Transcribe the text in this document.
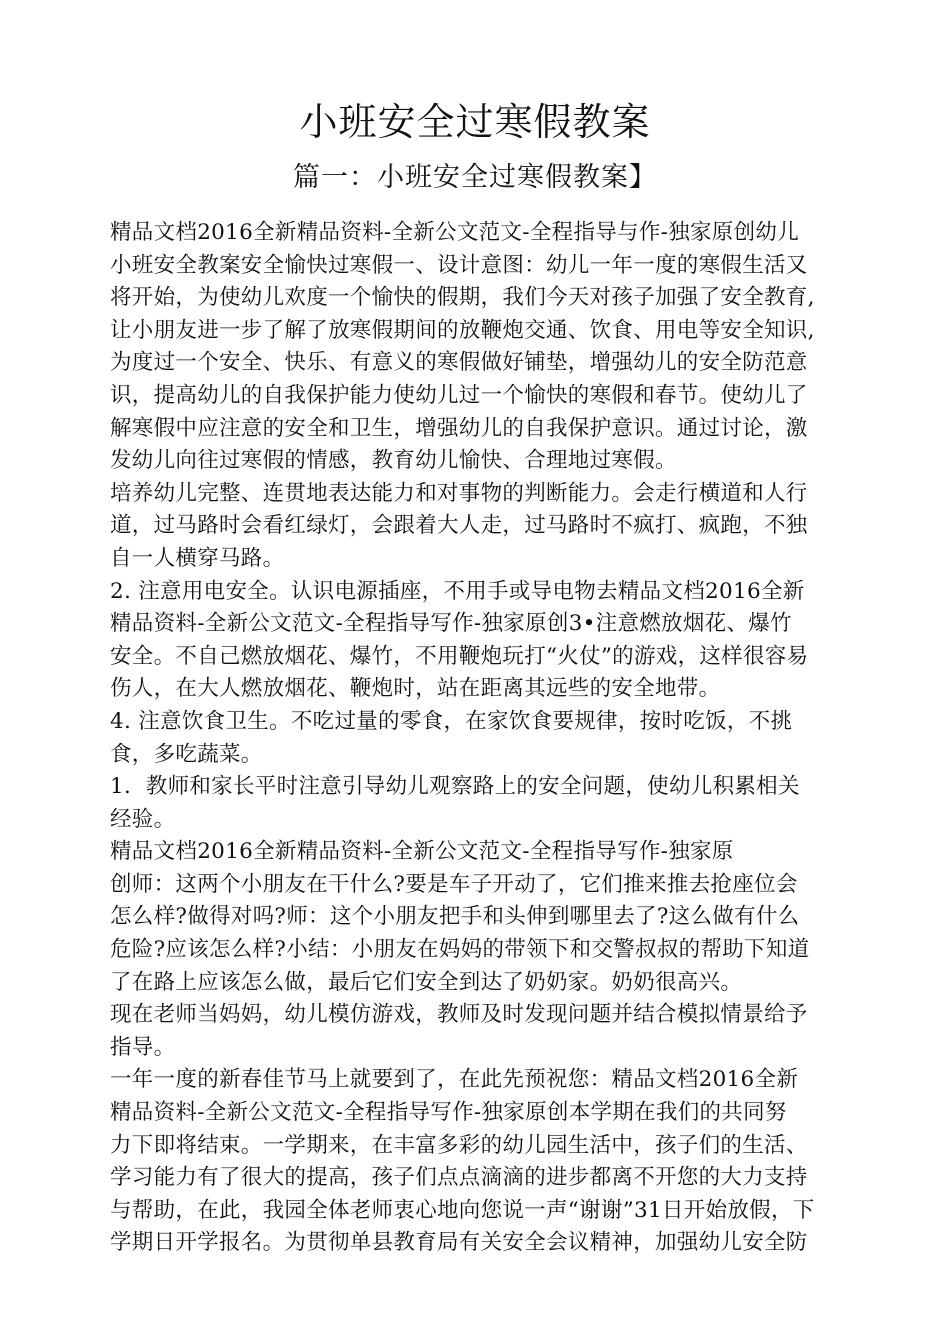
小班安全过寒假教案
篇一：小班安全过寒假教案】
精品文档2016全新精品资料-全新公文范文-全程指导与作-独家原创幼儿
小班安全教案安全愉快过寒假一、设计意图：幼儿一年一度的寒假生活又
将开始，为使幼儿欢度一个愉快的假期，我们今天对孩子加强了安全教育,
让小朋友进一步了解了放寒假期间的放鞭炮交通、饮食、用电等安全知识,
为度过一个安全、快乐、有意义的寒假做好铺垫，增强幼儿的安全防范意
识，提高幼儿的自我保护能力使幼儿过一个愉快的寒假和春节。使幼儿了
解寒假中应注意的安全和卫生，增强幼儿的自我保护意识。通过讨论，激
发幼儿向往过寒假的情感，教育幼儿愉快、合理地过寒假。
培养幼儿完整、连贯地表达能力和对事物的判断能力。会走行横道和人行
道，过马路时会看红绿灯，会跟着大人走，过马路时不疯打、疯跑，不独
自一人横穿马路。
2. 注意用电安全。认识电源插座，不用手或导电物去精品文档2016全新
精品资料-全新公文范文-全程指导写作-独家原创3•注意燃放烟花、爆竹
安全。不自己燃放烟花、爆竹，不用鞭炮玩打“火仗”的游戏，这样很容易
伤人，在大人燃放烟花、鞭炮时，站在距离其远些的安全地带。
4. 注意饮食卫生。不吃过量的零食，在家饮食要规律，按时吃饭，不挑
食，多吃蔬菜。
1．教师和家长平时注意引导幼儿观察路上的安全问题，使幼儿积累相关
经验。
精品文档2016全新精品资料-全新公文范文-全程指导写作-独家原
创师：这两个小朋友在干什么?要是车子开动了，它们推来推去抢座位会
怎么样?做得对吗?师：这个小朋友把手和头伸到哪里去了?这么做有什么
危险?应该怎么样?小结：小朋友在妈妈的带领下和交警叔叔的帮助下知道
了在路上应该怎么做，最后它们安全到达了奶奶家。奶奶很高兴。
现在老师当妈妈，幼儿模仿游戏，教师及时发现问题并结合模拟情景给予
指导。
一年一度的新春佳节马上就要到了，在此先预祝您：精品文档2016全新
精品资料-全新公文范文-全程指导写作-独家原创本学期在我们的共同努
力下即将结束。一学期来，在丰富多彩的幼儿园生活中，孩子们的生活、
学习能力有了很大的提高，孩子们点点滴滴的进步都离不开您的大力支持
与帮助，在此，我园全体老师衷心地向您说一声“谢谢”31日开始放假，下
学期日开学报名。为贯彻单县教育局有关安全会议精神，加强幼儿安全防
